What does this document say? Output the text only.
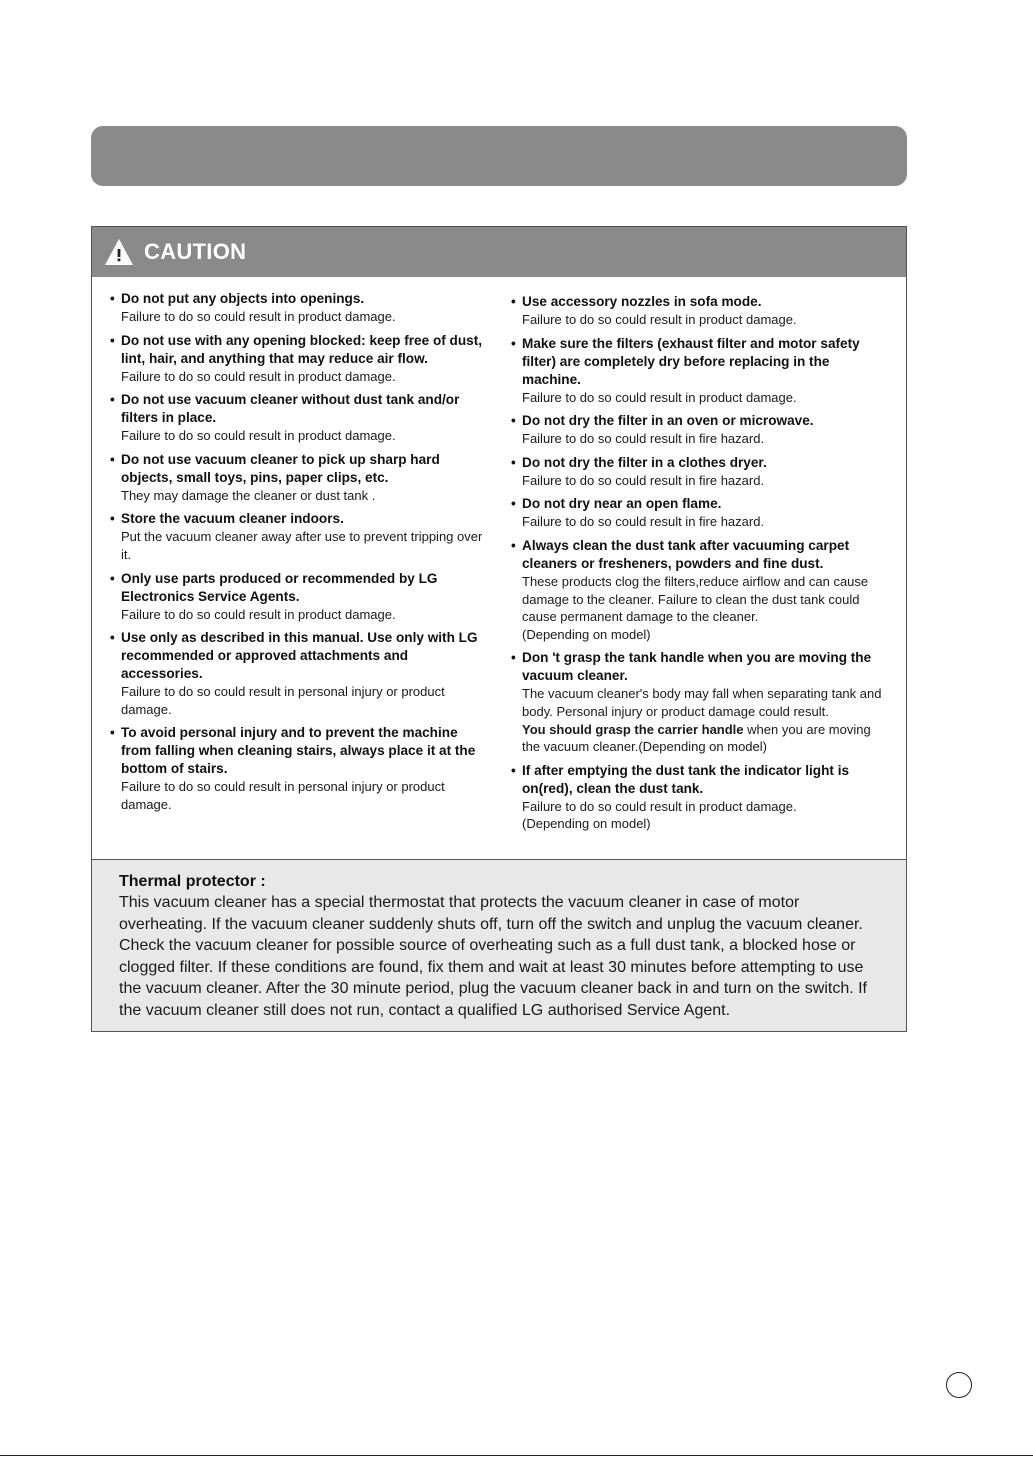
CAUTION
• Do not put any objects into openings.
Failure to do so could result in product damage.
• Do not use with any opening blocked: keep free of dust, lint, hair, and anything that may reduce air flow.
Failure to do so could result in product damage.
• Do not use vacuum cleaner without dust tank and/or filters in place.
Failure to do so could result in product damage.
• Do not use vacuum cleaner to pick up sharp hard objects, small toys, pins, paper clips, etc.
They may damage the cleaner or dust tank .
• Store the vacuum cleaner indoors.
Put the vacuum cleaner away after use to prevent tripping over it.
• Only use parts produced or recommended by LG Electronics Service Agents.
Failure to do so could result in product damage.
• Use only as described in this manual. Use only with LG recommended or approved attachments and accessories.
Failure to do so could result in personal injury or product damage.
• To avoid personal injury and to prevent the machine from falling when cleaning stairs, always place it at the bottom of stairs.
Failure to do so could result in personal injury or product damage.
• Use accessory nozzles in sofa mode.
Failure to do so could result in product damage.
• Make sure the filters (exhaust filter and motor safety filter) are completely dry before replacing in the machine.
Failure to do so could result in product damage.
• Do not dry the filter in an oven or microwave.
Failure to do so could result in fire hazard.
• Do not dry the filter in a clothes dryer.
Failure to do so could result in fire hazard.
• Do not dry near an open flame.
Failure to do so could result in fire hazard.
• Always clean the dust tank after vacuuming carpet cleaners or fresheners, powders and fine dust.
These products clog the filters,reduce airflow and can cause damage to the cleaner. Failure to clean the dust tank could cause permanent damage to the cleaner.
(Depending on model)
• Don 't grasp the tank handle when you are moving the vacuum cleaner.
The vacuum cleaner's body may fall when separating tank and body. Personal injury or product damage could result.
You should grasp the carrier handle when you are moving the vacuum cleaner.(Depending on model)
• If after emptying the dust tank the indicator light is on(red), clean the dust tank.
Failure to do so could result in product damage.
(Depending on model)
Thermal protector :
This vacuum cleaner has a special thermostat that protects the vacuum cleaner in case of motor overheating. If the vacuum cleaner suddenly shuts off, turn off the switch and unplug the vacuum cleaner. Check the vacuum cleaner for possible source of overheating such as a full dust tank, a blocked hose or clogged filter. If these conditions are found, fix them and wait at least 30 minutes before attempting to use the vacuum cleaner. After the 30 minute period, plug the vacuum cleaner back in and turn on the switch. If the vacuum cleaner still does not run, contact a qualified LG authorised Service Agent.
